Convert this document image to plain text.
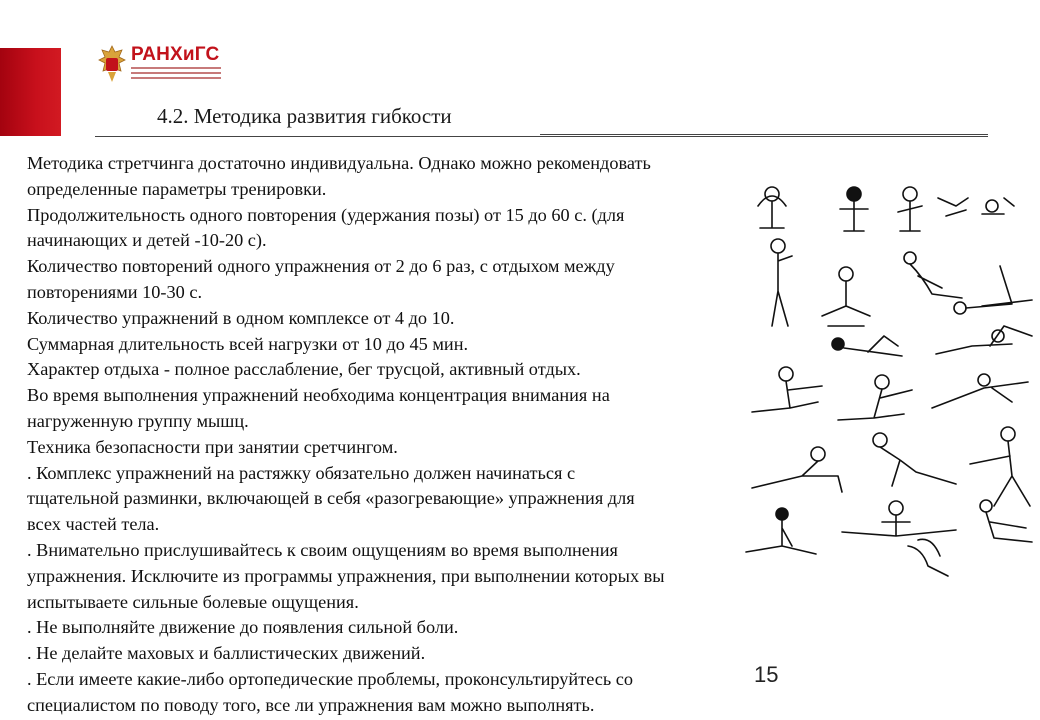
РАНХиГС
4.2. Методика развития гибкости

Методика стретчинга достаточно индивидуальна. Однако можно рекомендовать

определенные параметры тренировки.

Продолжительность одного повторения (удержания позы) от 15 до 60 с. (для

начинающих и детей -10-20 с).

Количество повторений одного упражнения от 2 до 6 раз, с отдыхом между

повторениями 10-30 с.

Количество упражнений в одном комплексе от 4 до 10.

Суммарная длительность всей нагрузки от 10 до 45 мин.

Характер отдыха - полное расслабление, бег трусцой, активный отдых.

Во время выполнения упражнений необходима концентрация внимания на

нагруженную группу мышц.

Техника безопасности при занятии сретчингом.

. Комплекс упражнений на растяжку обязательно должен начинаться с

тщательной разминки, включающей в себя «разогревающие» упражнения для

всех частей тела.

. Внимательно прислушивайтесь к своим ощущениям во время выполнения

упражнения. Исключите из программы упражнения, при выполнении которых вы

испытываете сильные болевые ощущения.

. Не выполняйте движение до появления сильной боли.

. Не делайте маховых и баллистических движений.

. Если имеете какие-либо ортопедические проблемы, проконсультируйтесь со

специалистом по поводу того, все ли упражнения вам можно выполнять.

15
